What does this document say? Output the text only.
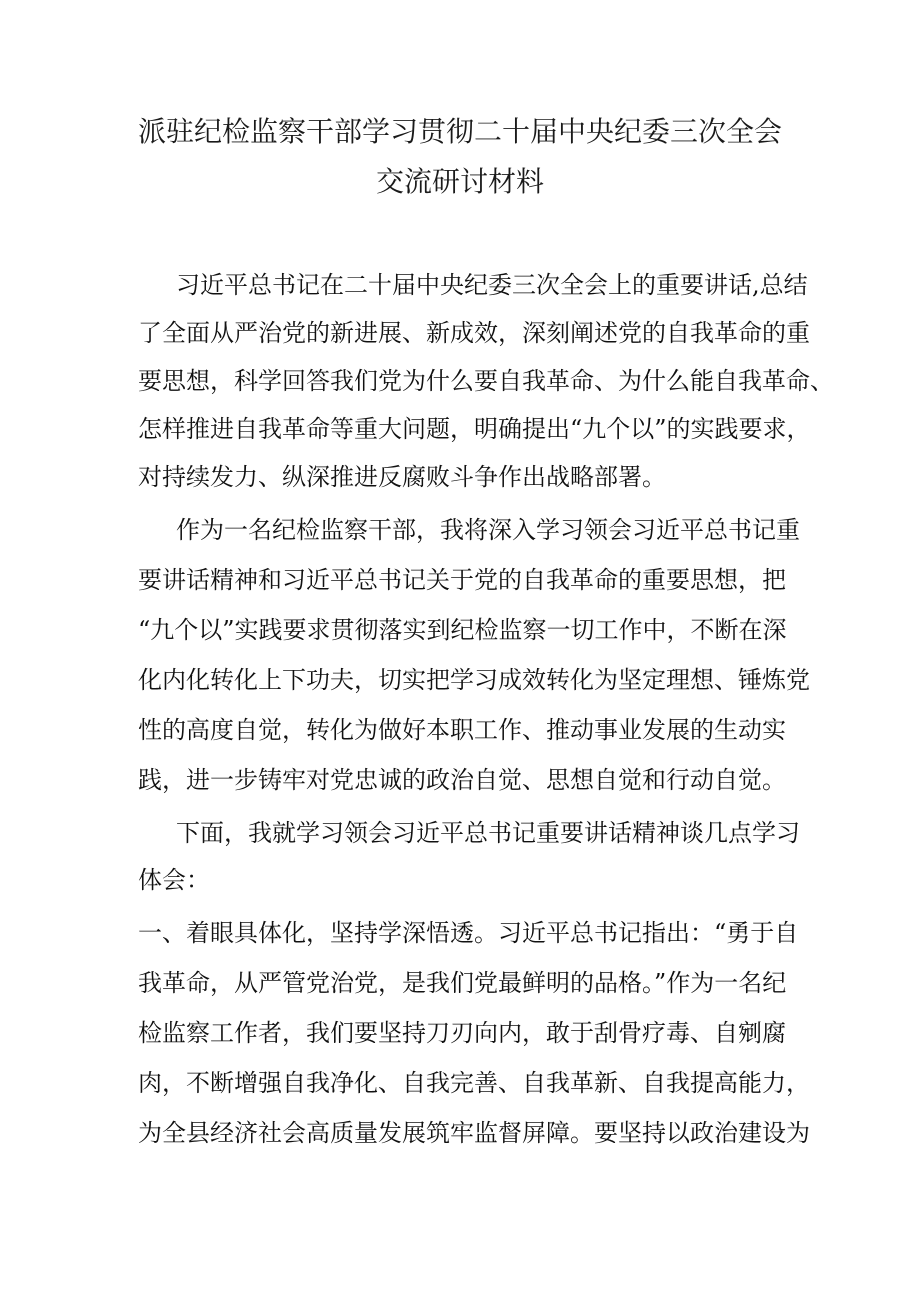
派驻纪检监察干部学习贯彻二十届中央纪委三次全会
交流研讨材料
习近平总书记在二十届中央纪委三次全会上的重要讲话,总结
了全面从严治党的新进展、新成效，深刻阐述党的自我革命的重
要思想，科学回答我们党为什么要自我革命、为什么能自我革命、
怎样推进自我革命等重大问题，明确提出“九个以”的实践要求，
对持续发力、纵深推进反腐败斗争作出战略部署。
作为一名纪检监察干部，我将深入学习领会习近平总书记重
要讲话精神和习近平总书记关于党的自我革命的重要思想，把
“九个以”实践要求贯彻落实到纪检监察一切工作中，不断在深
化内化转化上下功夫，切实把学习成效转化为坚定理想、锤炼党
性的高度自觉，转化为做好本职工作、推动事业发展的生动实
践，进一步铸牢对党忠诚的政治自觉、思想自觉和行动自觉。
下面，我就学习领会习近平总书记重要讲话精神谈几点学习
体会：
一、着眼具体化，坚持学深悟透。习近平总书记指出：“勇于自
我革命，从严管党治党，是我们党最鲜明的品格。”作为一名纪
检监察工作者，我们要坚持刀刃向内，敢于刮骨疗毒、自剜腐
肉，不断增强自我净化、自我完善、自我革新、自我提高能力，
为全县经济社会高质量发展筑牢监督屏障。要坚持以政治建设为
